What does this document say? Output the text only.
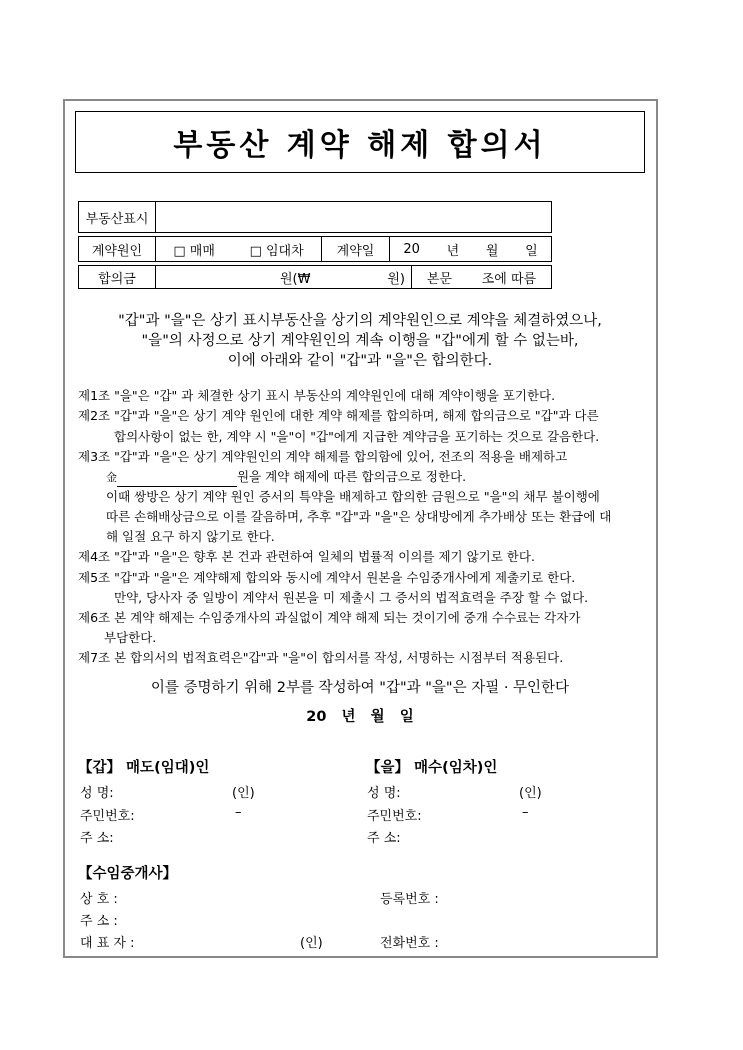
부동산 계약 해제 합의서
부동산표시
계약원인	□ 매매	□ 임대차	계약일	20 년 월 일
합의금	원(₩	원) 본문 조에 따름
"갑"과 "을"은 상기 표시부동산을 상기의 계약원인으로 계약을 체결하였으나,
"을"의 사정으로 상기 계약원인의 계속 이행을 "갑"에게 할 수 없는바,
이에 아래와 같이 "갑"과 "을"은 합의한다.
제1조 "을"은 "갑" 과 체결한 상기 표시 부동산의 계약원인에 대해 계약이행을 포기한다.
제2조 "갑"과 "을"은 상기 계약 원인에 대한 계약 해제를 합의하며, 해제 합의금으로 "갑"과 다른
합의사항이 없는 한, 계약 시 "을"이 "갑"에게 지급한 계약금을 포기하는 것으로 갈음한다.
제3조 "갑"과 "을"은 상기 계약원인의 계약 해제를 합의함에 있어, 전조의 적용을 배제하고
金	원을 계약 해제에 따른 합의금으로 정한다.
이때 쌍방은 상기 계약 원인 증서의 특약을 배제하고 합의한 금원으로 "을"의 채무 불이행에
따른 손해배상금으로 이를 갈음하며, 추후 "갑"과 "을"은 상대방에게 추가배상 또는 환급에 대
해 일절 요구 하지 않기로 한다.
제4조 "갑"과 "을"은 향후 본 건과 관련하여 일체의 법률적 이의를 제기 않기로 한다.
제5조 "갑"과 "을"은 계약해제 합의와 동시에 계약서 원본을 수임중개사에게 제출키로 한다.
만약, 당사자 중 일방이 계약서 원본을 미 제출시 그 증서의 법적효력을 주장 할 수 없다.
제6조 본 계약 해제는 수임중개사의 과실없이 계약 해제 되는 것이기에 중개 수수료는 각자가
부담한다.
제7조 본 합의서의 법적효력은"갑"과 "을"이 합의서를 작성, 서명하는 시점부터 적용된다.
이를 증명하기 위해 2부를 작성하여 "갑"과 "을"은 자필 · 무인한다
20 년 월 일
【갑】 매도(임대)인
성 명:	(인)
주민번호:	–
주 소:
【을】 매수(임차)인
성 명:	(인)
주민번호:	–
주 소:
【수임중개사】
상 호 :	등록번호 :
주 소 :
대 표 자 :	(인)	전화번호 :
